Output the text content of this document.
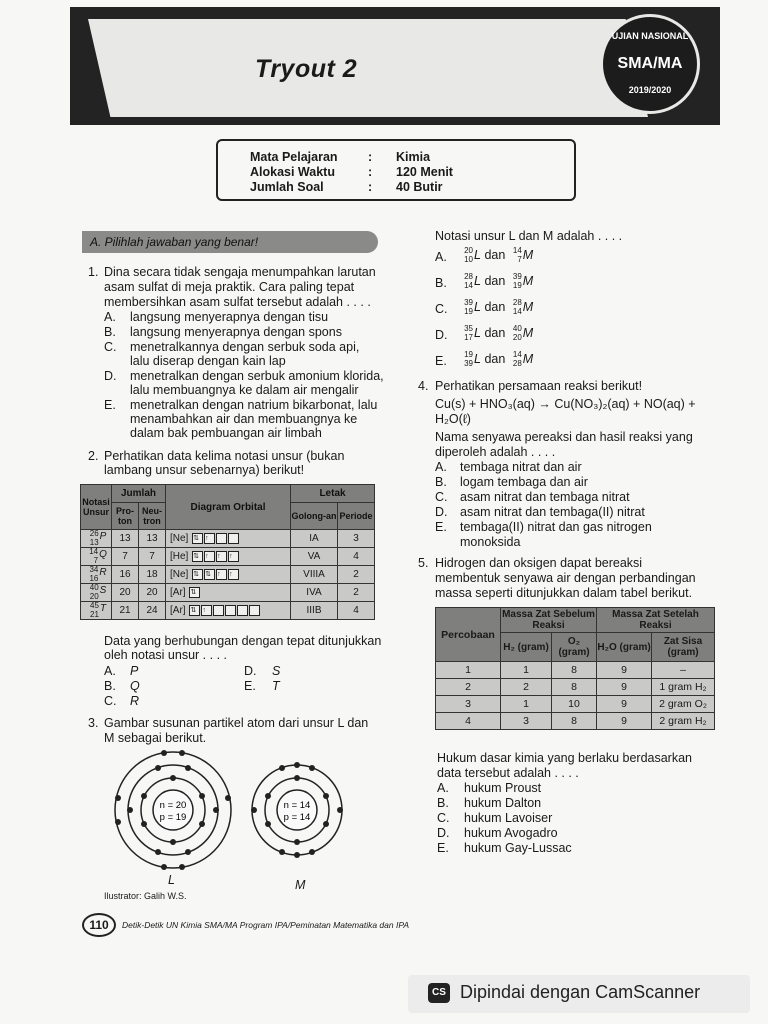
Tryout 2
UJIAN NASIONAL
SMA/MA
2019/2020
Mata Pelajaran : Kimia
Alokasi Waktu	: 120 Menit
Jumlah Soal	: 40 Butir
A. Pilihlah jawaban yang benar!
1. Dina secara tidak sengaja menumpahkan larutan
asam sulfat di meja praktik. Cara paling tepat
membersihkan asam sulfat tersebut adalah . . . .
A. langsung menyerapnya dengan tisu
B. langsung menyerapnya dengan spons
C. menetralkannya dengan serbuk soda api,
lalu diserap dengan kain lap
D. menetralkan dengan serbuk amonium klorida,
lalu membuangnya ke dalam air mengalir
E. menetralkan dengan natrium bikarbonat, lalu
menambahkan air dan membuangnya ke
dalam bak pembuangan air limbah
2. Perhatikan data kelima notasi unsur (bukan
lambang unsur sebenarnya) berikut!
Notasi Unsur	Jumlah		Diagram Orbital	Letak	
	Pro-ton	Neu-tron		Golong-an	Periode

26
13
P	13	13	[Ne] ⇅ ↑	IA	3

14
7
Q	7	7	[He] ⇅ ↑ ↑ ↑	VA	4

34
16
R	16	18	[Ne] ⇅ ⇅ ↑ ↑	VIIIA	2

40
20
S	20	20	[Ar] ⇅	IVA	2

45
21
T	21	24	[Ar] ⇅ ↑	IIIB	4
Data yang berhubungan dengan tepat ditunjukkan
oleh notasi unsur . . . .
A. P	D. S
B. Q	E. T
C. R
3. Gambar susunan partikel atom dari unsur L dan
M sebagai berikut.
n = 20
p = 19
n = 14
p = 14
L	M
Ilustrator: Galih W.S.
Notasi unsur L dan M adalah . . . .
A. 20
10 L dan 14
7 M
B. 28
14 L dan 39
19 M
C. 39
19 L dan 28
14 M
D. 35
17 L dan 40
20 M
E. 19
39 L dan 14
28 M
4. Perhatikan persamaan reaksi berikut!
Cu(s) + HNO₃(aq) → Cu(NO₃)₂(aq) + NO(aq) +
H₂O(ℓ)
Nama senyawa pereaksi dan hasil reaksi yang
diperoleh adalah . . . .
A. tembaga nitrat dan air
B. logam tembaga dan air
C. asam nitrat dan tembaga nitrat
D. asam nitrat dan tembaga(II) nitrat
E. tembaga(II) nitrat dan gas nitrogen
monoksida
5. Hidrogen dan oksigen dapat bereaksi
membentuk senyawa air dengan perbandingan
massa seperti ditunjukkan dalam tabel berikut.
Percobaan	Massa Zat Sebelum Reaksi		Massa Zat Setelah Reaksi	
	H₂ (gram)	O₂ (gram)	H₂O (gram)	Zat Sisa (gram)
1	1	8	9	–
2	2	8	9	1 gram H₂
3	1	10	9	2 gram O₂
4	3	8	9	2 gram H₂
Hukum dasar kimia yang berlaku berdasarkan
data tersebut adalah . . . .
A. hukum Proust
B. hukum Dalton
C. hukum Lavoiser
D. hukum Avogadro
E. hukum Gay-Lussac
110	Detik-Detik UN Kimia SMA/MA Program IPA/Peminatan Matematika dan IPA
CS Dipindai dengan CamScanner
